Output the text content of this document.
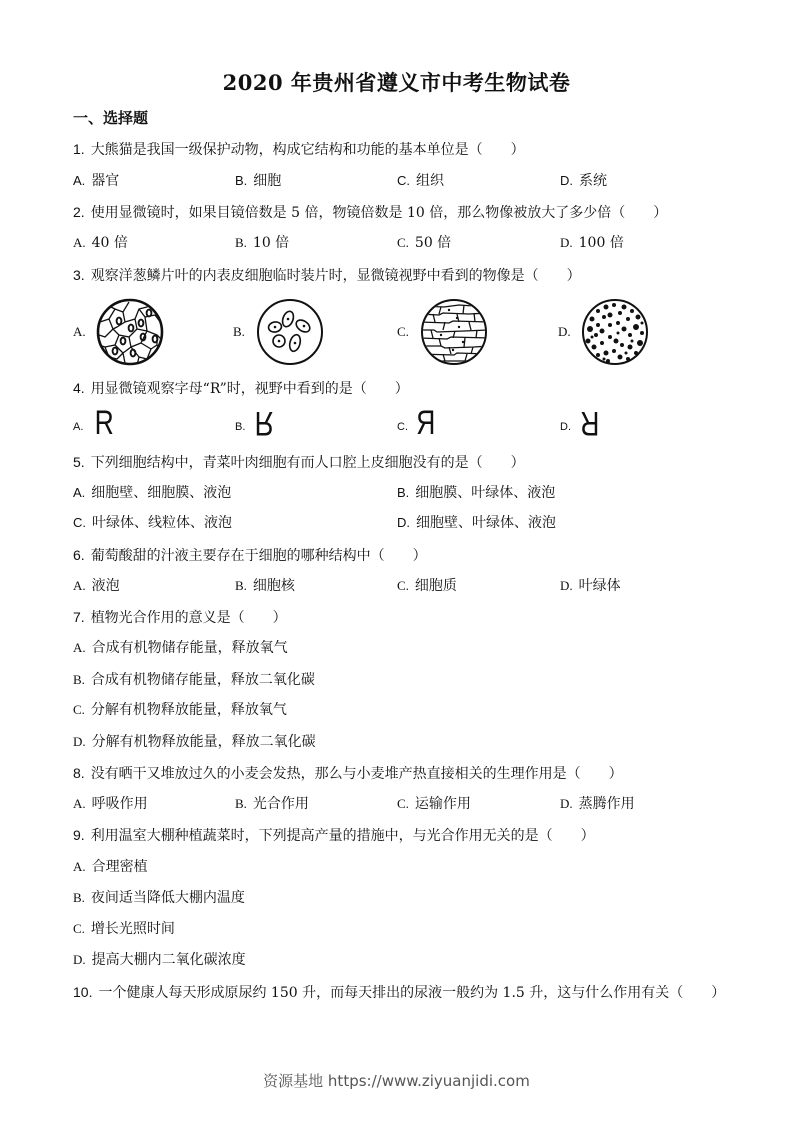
2020 年贵州省遵义市中考生物试卷
一、选择题
1. 大熊猫是我国一级保护动物，构成它结构和功能的基本单位是（　　）
A. 器官	B. 细胞	C. 组织	D. 系统
2. 使用显微镜时，如果目镜倍数是 5 倍，物镜倍数是 10 倍，那么物像被放大了多少倍（　　）
A. 40 倍	B. 10 倍	C. 50 倍	D. 100 倍
3. 观察洋葱鳞片叶的内表皮细胞临时装片时，显微镜视野中看到的物像是（　　）
A.	B.	C.	D.
4. 用显微镜观察字母“R”时，视野中看到的是（　　）
A. R	B. R	C. R	D. R
5. 下列细胞结构中，青菜叶肉细胞有而人口腔上皮细胞没有的是（　　）
A. 细胞壁、细胞膜、液泡	B. 细胞膜、叶绿体、液泡
C. 叶绿体、线粒体、液泡	D. 细胞壁、叶绿体、液泡
6. 葡萄酸甜的汁液主要存在于细胞的哪种结构中（　　）
A. 液泡	B. 细胞核	C. 细胞质	D. 叶绿体
7. 植物光合作用的意义是（　　）
A. 合成有机物储存能量，释放氧气
B. 合成有机物储存能量，释放二氧化碳
C. 分解有机物释放能量，释放氧气
D. 分解有机物释放能量，释放二氧化碳
8. 没有晒干又堆放过久的小麦会发热，那么与小麦堆产热直接相关的生理作用是（　　）
A. 呼吸作用	B. 光合作用	C. 运输作用	D. 蒸腾作用
9. 利用温室大棚种植蔬菜时，下列提高产量的措施中，与光合作用无关的是（　　）
A. 合理密植
B. 夜间适当降低大棚内温度
C. 增长光照时间
D. 提高大棚内二氧化碳浓度
10. 一个健康人每天形成原尿约 150 升，而每天排出的尿液一般约为 1.5 升，这与什么作用有关（　　）
资源基地 https://www.ziyuanjidi.com
